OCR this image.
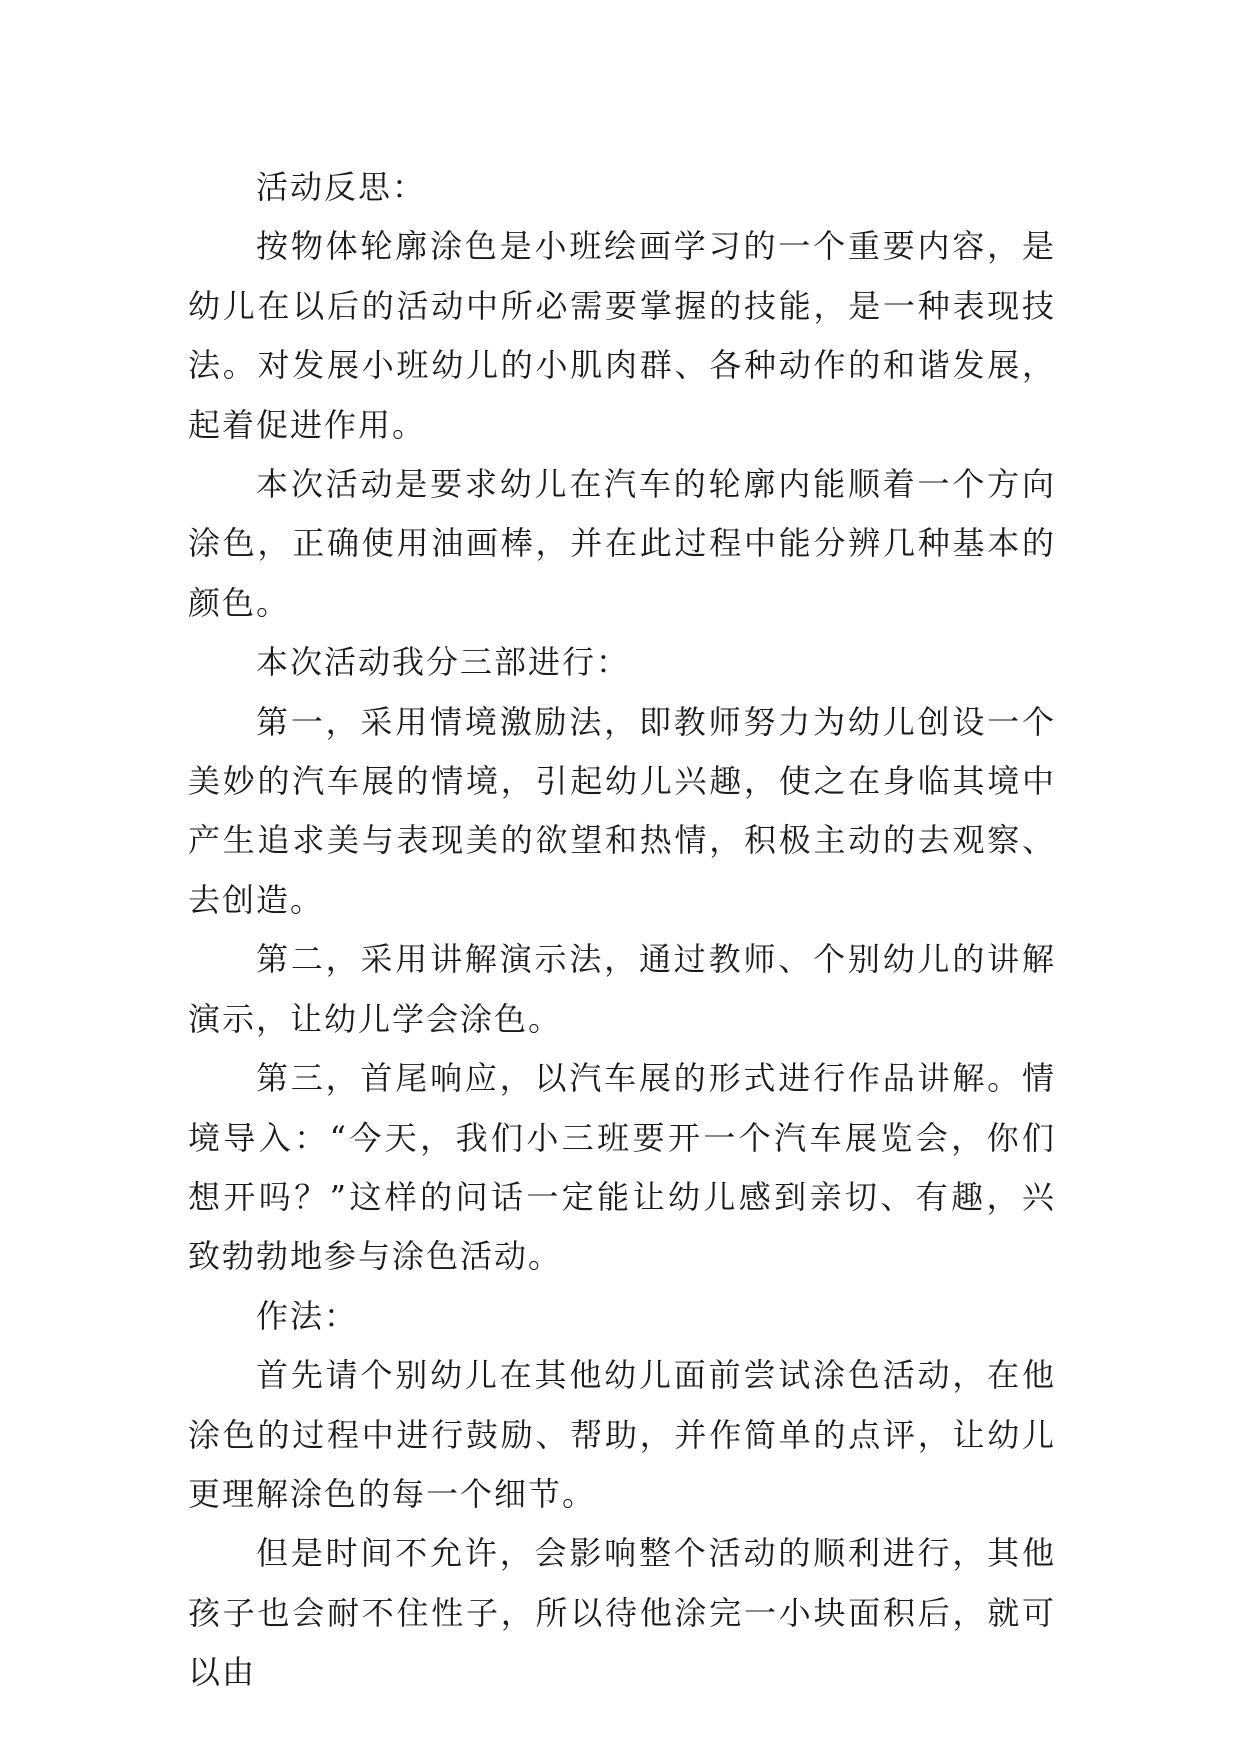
活动反思：

按物体轮廓涂色是小班绘画学习的一个重要内容，是幼儿在以后的活动中所必需要掌握的技能，是一种表现技法。对发展小班幼儿的小肌肉群、各种动作的和谐发展，起着促进作用。

本次活动是要求幼儿在汽车的轮廓内能顺着一个方向涂色，正确使用油画棒，并在此过程中能分辨几种基本的颜色。

本次活动我分三部进行：

第一，采用情境激励法，即教师努力为幼儿创设一个美妙的汽车展的情境，引起幼儿兴趣，使之在身临其境中产生追求美与表现美的欲望和热情，积极主动的去观察、去创造。

第二，采用讲解演示法，通过教师、个别幼儿的讲解演示，让幼儿学会涂色。

第三，首尾响应，以汽车展的形式进行作品讲解。情境导入：“今天，我们小三班要开一个汽车展览会，你们想开吗？”这样的问话一定能让幼儿感到亲切、有趣，兴致勃勃地参与涂色活动。

作法：

首先请个别幼儿在其他幼儿面前尝试涂色活动，在他涂色的过程中进行鼓励、帮助，并作简单的点评，让幼儿更理解涂色的每一个细节。

但是时间不允许，会影响整个活动的顺利进行，其他孩子也会耐不住性子，所以待他涂完一小块面积后，就可以由
